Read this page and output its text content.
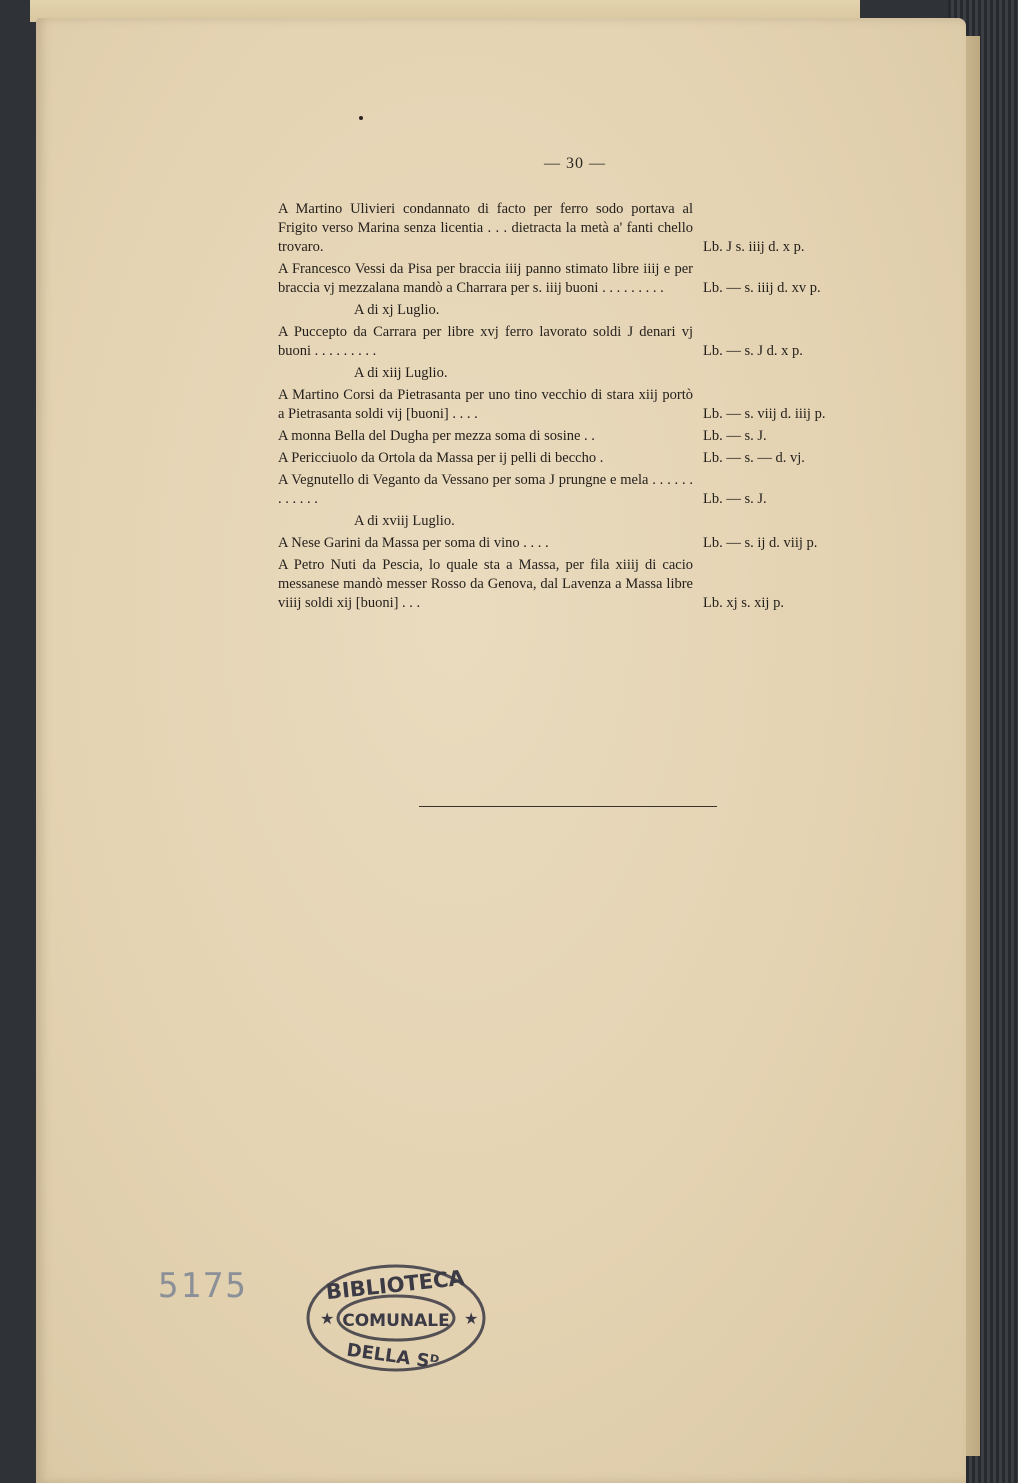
— 30 —
A Martino Ulivieri condannato di facto per ferro sodo portava al Frigito verso Marina senza licentia . . . dietracta la metà a' fanti chello trovaro.	Lb. J s. iiij d. x p.
A Francesco Vessi da Pisa per braccia iiij panno stimato libre iiij e per braccia vj mezzalana mandò a Charrara per s. iiij buoni . . . . . . . . .	Lb. — s. iiij d. xv p.
A di xj Luglio.
A Puccepto da Carrara per libre xvj ferro lavorato soldi J denari vj buoni . . . . . . . . .	Lb. — s. J d. x p.
A di xiij Luglio.
A Martino Corsi da Pietrasanta per uno tino vecchio di stara xiij portò a Pietrasanta soldi vij [buoni] . . . .	Lb. — s. viij d. iiij p.
A monna Bella del Dugha per mezza soma di sosine . .	Lb. — s. J.
A Pericciuolo da Ortola da Massa per ij pelli di beccho .	Lb. — s. — d. vj.
A Vegnutello di Veganto da Vessano per soma J prungne e mela . . . . . . . . . . . .	Lb. — s. J.
A di xviij Luglio.
A Nese Garini da Massa per soma di vino . . . .	Lb. — s. ij d. viij p.
A Petro Nuti da Pescia, lo quale sta a Massa, per fila xiiij di cacio messanese mandò messer Rosso da Genova, dal Lavenza a Massa libre viiij soldi xij [buoni] . . .	Lb. xj s. xij p.
5175	BIBLIOTECA
COMUNALE
DELLA Sᴰ
★	★
